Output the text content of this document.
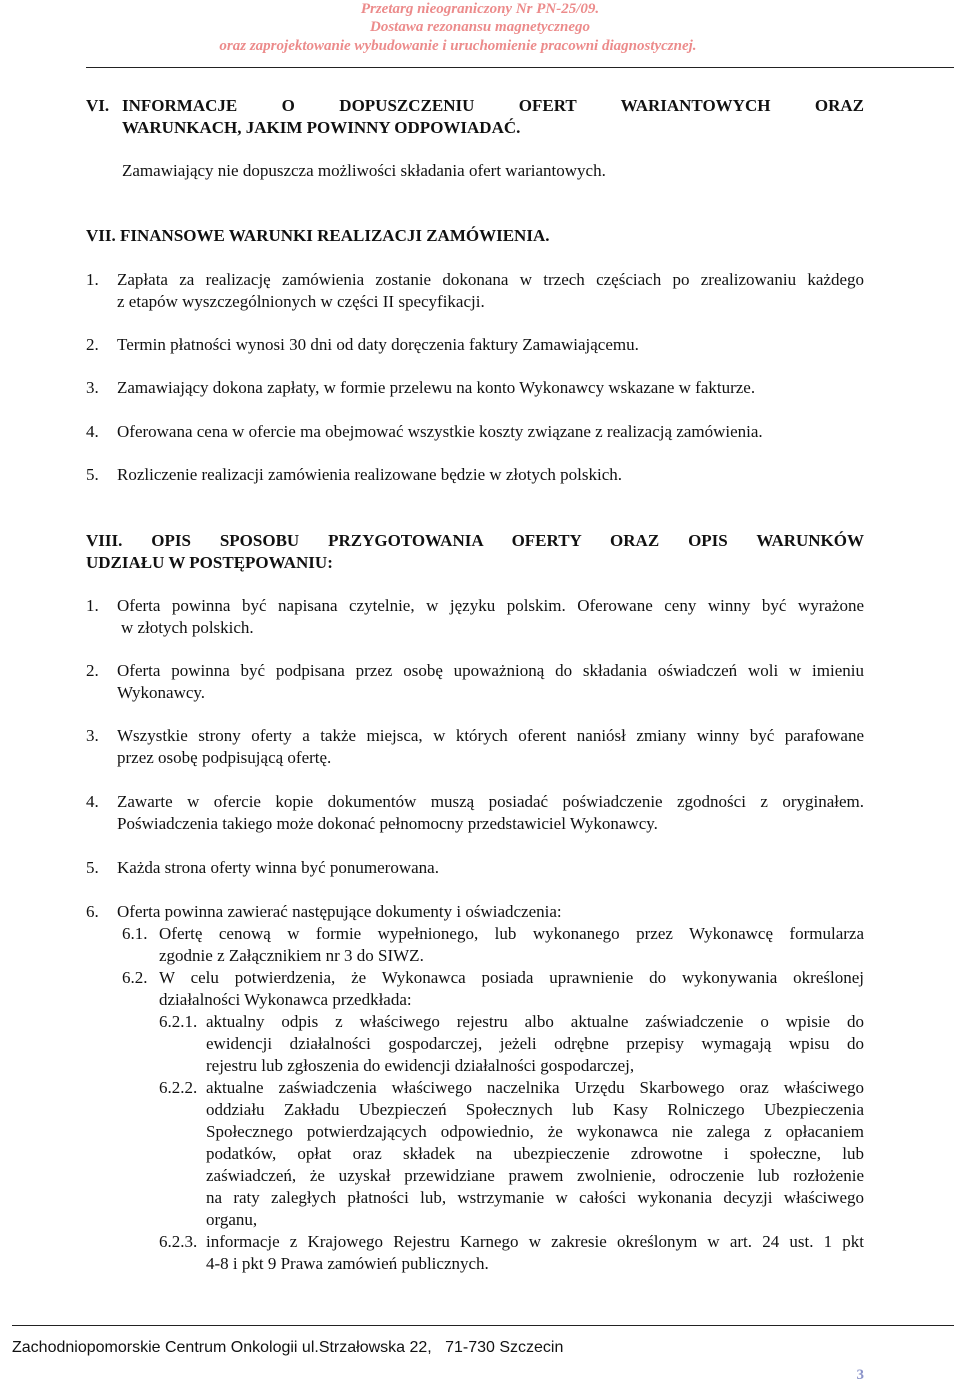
Przetarg nieograniczony Nr PN-25/09.
Dostawa rezonansu magnetycznego
oraz zaprojektowanie wybudowanie i uruchomienie pracowni diagnostycznej.
VI. INFORMACJE O DOPUSZCZENIU OFERT WARIANTOWYCH ORAZ
WARUNKACH, JAKIM POWINNY ODPOWIADAĆ.
Zamawiający nie dopuszcza możliwości składania ofert wariantowych.
VII. FINANSOWE WARUNKI REALIZACJI ZAMÓWIENIA.
1. Zapłata za realizację zamówienia zostanie dokonana w trzech częściach po zrealizowaniu każdego
z etapów wyszczególnionych w części II specyfikacji.
2. Termin płatności wynosi 30 dni od daty doręczenia faktury Zamawiającemu.
3. Zamawiający dokona zapłaty, w formie przelewu na konto Wykonawcy wskazane w fakturze.
4. Oferowana cena w ofercie ma obejmować wszystkie koszty związane z realizacją zamówienia.
5. Rozliczenie realizacji zamówienia realizowane będzie w złotych polskich.
VIII. OPIS SPOSOBU PRZYGOTOWANIA OFERTY ORAZ OPIS WARUNKÓW
UDZIAŁU W POSTĘPOWANIU:
1. Oferta powinna być napisana czytelnie, w języku polskim. Oferowane ceny winny być wyrażone
w złotych polskich.
2. Oferta powinna być podpisana przez osobę upoważnioną do składania oświadczeń woli w imieniu
Wykonawcy.
3. Wszystkie strony oferty a także miejsca, w których oferent naniósł zmiany winny być parafowane
przez osobę podpisującą ofertę.
4. Zawarte w ofercie kopie dokumentów muszą posiadać poświadczenie zgodności z oryginałem.
Poświadczenia takiego może dokonać pełnomocny przedstawiciel Wykonawcy.
5. Każda strona oferty winna być ponumerowana.
6. Oferta powinna zawierać następujące dokumenty i oświadczenia:
6.1. Ofertę cenową w formie wypełnionego, lub wykonanego przez Wykonawcę formularza
zgodnie z Załącznikiem nr 3 do SIWZ.
6.2. W celu potwierdzenia, że Wykonawca posiada uprawnienie do wykonywania określonej
działalności Wykonawca przedkłada:
6.2.1. aktualny odpis z właściwego rejestru albo aktualne zaświadczenie o wpisie do
ewidencji działalności gospodarczej, jeżeli odrębne przepisy wymagają wpisu do
rejestru lub zgłoszenia do ewidencji działalności gospodarczej,
6.2.2. aktualne zaświadczenia właściwego naczelnika Urzędu Skarbowego oraz właściwego
oddziału Zakładu Ubezpieczeń Społecznych lub Kasy Rolniczego Ubezpieczenia
Społecznego potwierdzających odpowiednio, że wykonawca nie zalega z opłacaniem
podatków, opłat oraz składek na ubezpieczenie zdrowotne i społeczne, lub
zaświadczeń, że uzyskał przewidziane prawem zwolnienie, odroczenie lub rozłożenie
na raty zaległych płatności lub, wstrzymanie w całości wykonania decyzji właściwego
organu,
6.2.3. informacje z Krajowego Rejestru Karnego w zakresie określonym w art. 24 ust. 1 pkt
4-8 i pkt 9 Prawa zamówień publicznych.
Zachodniopomorskie Centrum Onkologii ul.Strzałowska 22,   71-730 Szczecin
3
